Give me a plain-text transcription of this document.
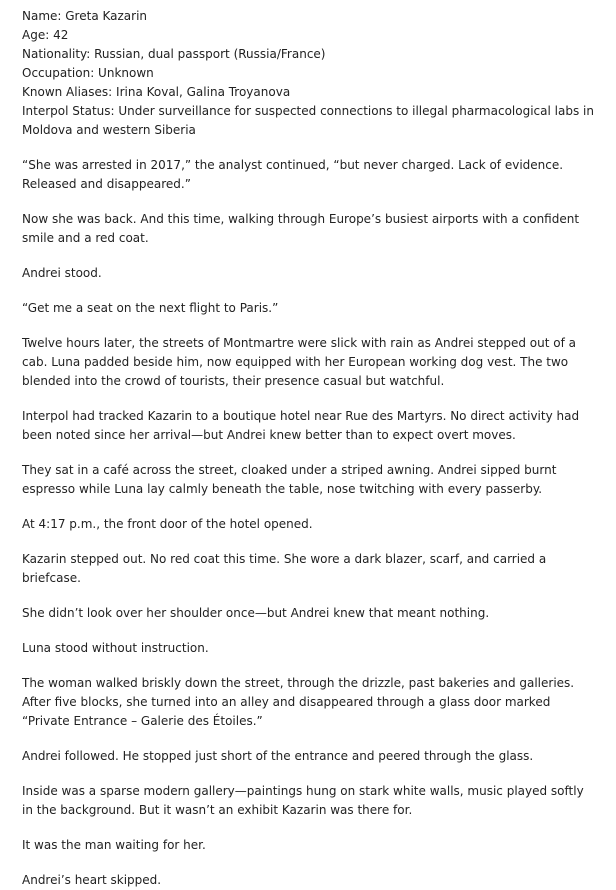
Name: Greta Kazarin

Age: 42

Nationality: Russian, dual passport (Russia/France)

Occupation: Unknown

Known Aliases: Irina Koval, Galina Troyanova

Interpol Status: Under surveillance for suspected connections to illegal pharmacological labs in Moldova and western Siberia

“She was arrested in 2017,” the analyst continued, “but never charged. Lack of evidence. Released and disappeared.”

Now she was back. And this time, walking through Europe’s busiest airports with a confident smile and a red coat.

Andrei stood.

“Get me a seat on the next flight to Paris.”

Twelve hours later, the streets of Montmartre were slick with rain as Andrei stepped out of a cab. Luna padded beside him, now equipped with her European working dog vest. The two blended into the crowd of tourists, their presence casual but watchful.

Interpol had tracked Kazarin to a boutique hotel near Rue des Martyrs. No direct activity had been noted since her arrival—but Andrei knew better than to expect overt moves.

They sat in a café across the street, cloaked under a striped awning. Andrei sipped burnt espresso while Luna lay calmly beneath the table, nose twitching with every passerby.

At 4:17 p.m., the front door of the hotel opened.

Kazarin stepped out. No red coat this time. She wore a dark blazer, scarf, and carried a briefcase.

She didn’t look over her shoulder once—but Andrei knew that meant nothing.

Luna stood without instruction.

The woman walked briskly down the street, through the drizzle, past bakeries and galleries. After five blocks, she turned into an alley and disappeared through a glass door marked “Private Entrance – Galerie des Étoiles.”

Andrei followed. He stopped just short of the entrance and peered through the glass.

Inside was a sparse modern gallery—paintings hung on stark white walls, music played softly in the background. But it wasn’t an exhibit Kazarin was there for.

It was the man waiting for her.

Andrei’s heart skipped.
